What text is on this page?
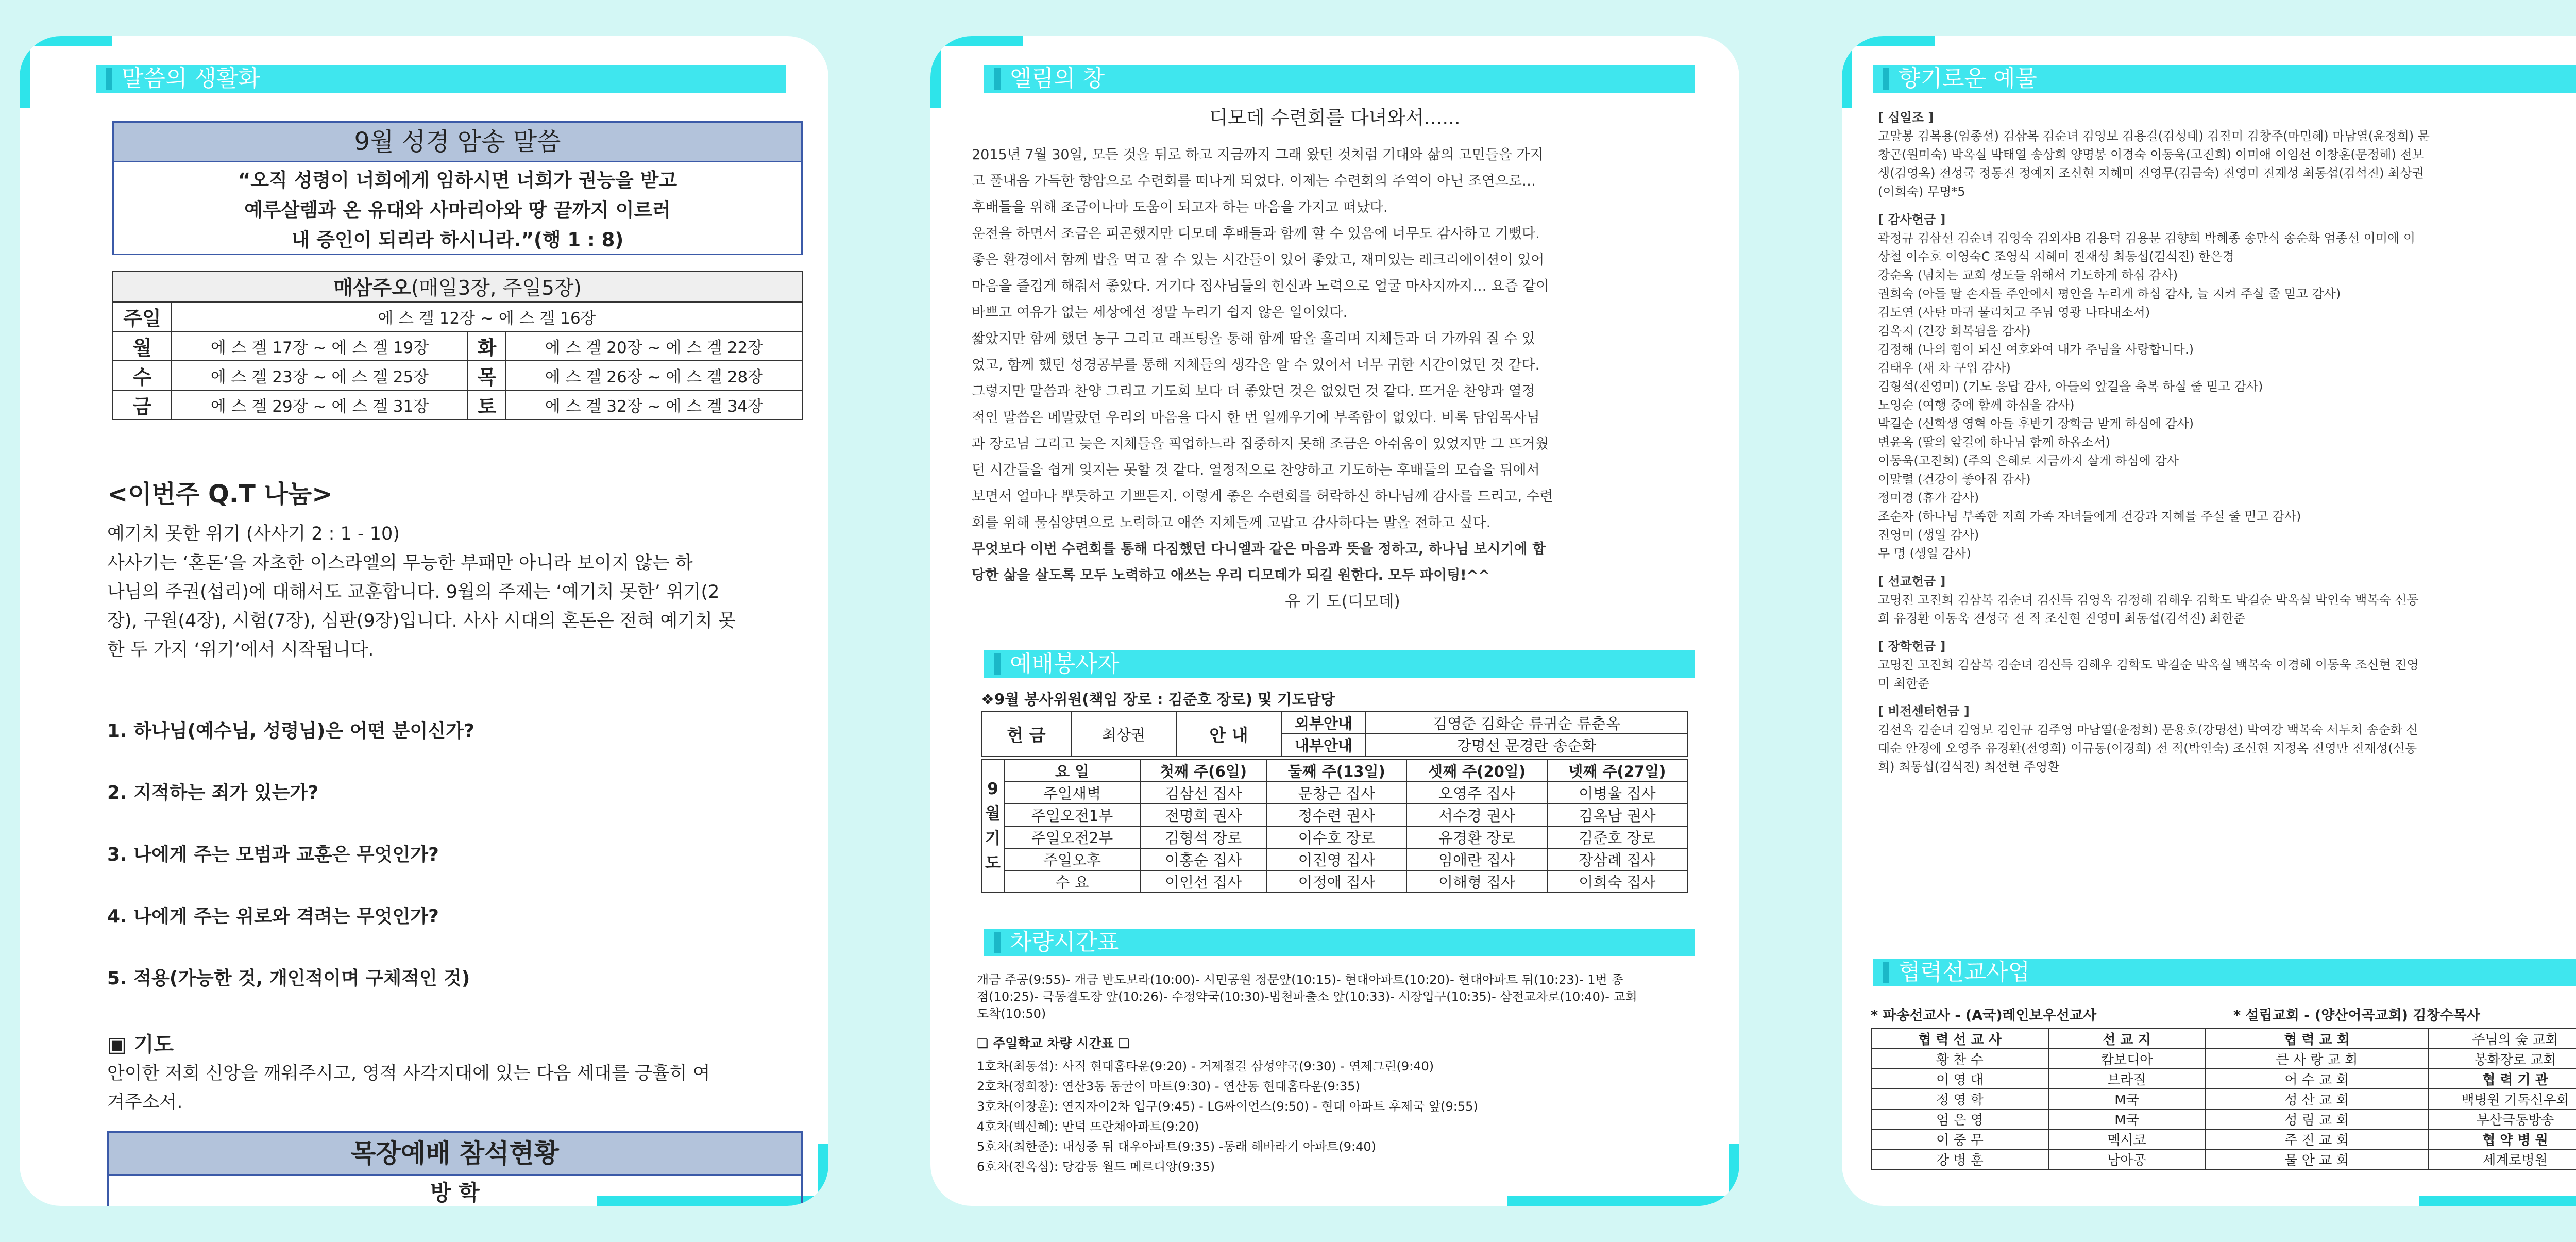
말씀의 생활화
9월 성경 암송 말씀
“오직 성령이 너희에게 임하시면 너희가 권능을 받고
예루살렘과 온 유대와 사마리아와 땅 끝까지 이르러
내 증인이 되리라 하시니라.”(행 1 : 8)
매삼주오(매일3장, 주일5장)			
주일	에 스 겔 12장 ~ 에 스 겔 16장		
월	에 스 겔 17장 ~ 에 스 겔 19장	화	에 스 겔 20장 ~ 에 스 겔 22장
수	에 스 겔 23장 ~ 에 스 겔 25장	목	에 스 겔 26장 ~ 에 스 겔 28장
금	에 스 겔 29장 ~ 에 스 겔 31장	토	에 스 겔 32장 ~ 에 스 겔 34장
<이번주 Q.T 나눔>
예기치 못한 위기 (사사기 2 : 1 - 10)
사사기는 ‘혼돈’을 자초한 이스라엘의 무능한 부패만 아니라 보이지 않는 하
나님의 주권(섭리)에 대해서도 교훈합니다. 9월의 주제는 ‘예기치 못한’ 위기(2
장), 구원(4장), 시험(7장), 심판(9장)입니다. 사사 시대의 혼돈은 전혀 예기치 못
한 두 가지 ‘위기’에서 시작됩니다.
1. 하나님(예수님, 성령님)은 어떤 분이신가?
2. 지적하는 죄가 있는가?
3. 나에게 주는 모범과 교훈은 무엇인가?
4. 나에게 주는 위로와 격려는 무엇인가?
5. 적용(가능한 것, 개인적이며 구체적인 것)
▣ 기도
안이한 저희 신앙을 깨워주시고, 영적 사각지대에 있는 다음 세대를 긍휼히 여
겨주소서.
목장예배 참석현황
방 학
엘림의 창
디모데 수련회를 다녀와서......
2015년 7월 30일, 모든 것을 뒤로 하고 지금까지 그래 왔던 것처럼 기대와 삶의 고민들을 가지
고 풀내음 가득한 향암으로 수련회를 떠나게 되었다. 이제는 수련회의 주역이 아닌 조연으로…
후배들을 위해 조금이나마 도움이 되고자 하는 마음을 가지고 떠났다.
운전을 하면서 조금은 피곤했지만 디모데 후배들과 함께 할 수 있음에 너무도 감사하고 기뻤다.
좋은 환경에서 함께 밥을 먹고 잘 수 있는 시간들이 있어 좋았고, 재미있는 레크리에이션이 있어
마음을 즐겁게 해줘서 좋았다. 거기다 집사님들의 헌신과 노력으로 얼굴 마사지까지… 요즘 같이
바쁘고 여유가 없는 세상에선 정말 누리기 쉽지 않은 일이었다.
짧았지만 함께 했던 농구 그리고 래프팅을 통해 함께 땀을 흘리며 지체들과 더 가까워 질 수 있
었고, 함께 했던 성경공부를 통해 지체들의 생각을 알 수 있어서 너무 귀한 시간이었던 것 같다.
그렇지만 말씀과 찬양 그리고 기도회 보다 더 좋았던 것은 없었던 것 같다. 뜨거운 찬양과 열정
적인 말씀은 메말랐던 우리의 마음을 다시 한 번 일깨우기에 부족함이 없었다. 비록 담임목사님
과 장로님 그리고 늦은 지체들을 픽업하느라 집중하지 못해 조금은 아쉬움이 있었지만 그 뜨거웠
던 시간들을 쉽게 잊지는 못할 것 같다. 열정적으로 찬양하고 기도하는 후배들의 모습을 뒤에서
보면서 얼마나 뿌듯하고 기쁘든지. 이렇게 좋은 수련회를 허락하신 하나님께 감사를 드리고, 수련
회를 위해 물심양면으로 노력하고 애쓴 지체들께 고맙고 감사하다는 말을 전하고 싶다.
무엇보다 이번 수련회를 통해 다짐했던 다니엘과 같은 마음과 뜻을 정하고, 하나님 보시기에 합
당한 삶을 살도록 모두 노력하고 애쓰는 우리 디모데가 되길 원한다. 모두 파이팅!^^
유 기 도(디모데)
예배봉사자
❖9월 봉사위원(책임 장로 : 김준호 장로) 및 기도담당
헌 금	최상권	안 내	외부안내	김영준 김화순 류귀순 류춘옥
			내부안내	강명선 문경란 송순화
9
월
기
도	요 일	첫째 주(6일)	둘째 주(13일)	셋째 주(20일)	넷째 주(27일)
	주일새벽	김삼선 집사	문창근 집사	오영주 집사	이병율 집사
	주일오전1부	전명희 권사	정수련 권사	서수경 권사	김옥남 권사
	주일오전2부	김형석 장로	이수호 장로	유경환 장로	김준호 장로
	주일오후	이홍순 집사	이진영 집사	임애란 집사	장삼례 집사
	수 요	이인선 집사	이정애 집사	이해형 집사	이희숙 집사
차량시간표
개금 주공(9:55)- 개금 반도보라(10:00)- 시민공원 정문앞(10:15)- 현대아파트(10:20)- 현대아파트 뒤(10:23)- 1번 종
점(10:25)- 극동결도장 앞(10:26)- 수정약국(10:30)-범천파출소 앞(10:33)- 시장입구(10:35)- 삼전교차로(10:40)- 교회
도착(10:50)
❏ 주일학교 차량 시간표 ❏
1호차(최동섭): 사직 현대홈타운(9:20) - 거제절길 삼성약국(9:30) - 연제그린(9:40)
2호차(정희창): 연산3동 동굴이 마트(9:30) - 연산동 현대홈타운(9:35)
3호차(이창훈): 연지자이2차 입구(9:45) - LG싸이언스(9:50) - 현대 아파트 후제국 앞(9:55)
4호차(백신혜): 만덕 뜨란채아파트(9:20)
5호차(최한준): 내성중 뒤 대우아파트(9:35) -동래 해바라기 아파트(9:40)
6호차(진옥심): 당감동 월드 메르디앙(9:35)
향기로운 예물
[ 십일조 ]
고말봉 김복용(엄종선) 김삼복 김순녀 김영보 김용길(김성태) 김진미 김창주(마민혜) 마남열(윤정희) 문
창곤(원미숙) 박옥실 박태열 송상희 양명봉 이경숙 이동욱(고진희) 이미애 이임선 이창훈(문정해) 전보
생(김영옥) 전성국 정동진 정예지 조신현 지혜미 진영무(김금숙) 진영미 진재성 최동섭(김석진) 최상권
(이희숙) 무명*5
[ 감사헌금 ]
곽정규 김삼선 김순녀 김영숙 김외자B 김용덕 김용분 김향희 박혜종 송만식 송순화 엄종선 이미애 이
상철 이수호 이영숙C 조영식 지혜미 진재성 최동섭(김석진) 한은경
강순옥 (넘치는 교회 성도들 위해서 기도하게 하심 감사)
권희숙 (아들 딸 손자들 주안에서 평안을 누리게 하심 감사, 늘 지켜 주실 줄 믿고 감사)
김도연 (사탄 마귀 물리치고 주님 영광 나타내소서)
김옥지 (건강 회복됨을 감사)
김정해 (나의 힘이 되신 여호와여 내가 주님을 사랑합니다.)
김태우 (새 차 구입 감사)
김형석(진영미) (기도 응답 감사, 아들의 앞길을 축복 하실 줄 믿고 감사)
노영순 (여행 중에 함께 하심을 감사)
박길순 (신학생 영혁 아들 후반기 장학금 받게 하심에 감사)
변윤옥 (딸의 앞길에 하나님 함께 하옵소서)
이동욱(고진희) (주의 은혜로 지금까지 살게 하심에 감사
이말렬 (건강이 좋아짐 감사)
정미경 (휴가 감사)
조순자 (하나님 부족한 저희 가족 자녀들에게 건강과 지혜를 주실 줄 믿고 감사)
진영미 (생일 감사)
무 명 (생일 감사)
[ 선교헌금 ]
고명진 고진희 김삼복 김순녀 김신득 김영옥 김정해 김해우 김학도 박길순 박옥실 박인숙 백복숙 신동
희 유경환 이동욱 전성국 전 적 조신현 진영미 최동섭(김석진) 최한준
[ 장학헌금 ]
고명진 고진희 김삼복 김순녀 김신득 김해우 김학도 박길순 박옥실 백복숙 이경해 이동욱 조신현 진영
미 최한준
[ 비전센터헌금 ]
김선옥 김순녀 김영보 김인규 김주영 마남열(윤정희) 문용호(강명선) 박여강 백복숙 서두치 송순화 신
대순 안경애 오영주 유경환(전영희) 이규동(이경희) 전 적(박인숙) 조신현 지정옥 진영만 진재성(신동
희) 최동섭(김석진) 최선현 주영환
협력선교사업
* 파송선교사 - (A국)레인보우선교사	* 설립교회 - (양산어곡교회) 김창수목사
협 력 선 교 사	선 교 지	협 력 교 회	주님의 숲 교회
황 찬 수	캄보디아	큰 사 랑 교 회	봉화장로 교회
이 영 대	브라질	어 수 교 회	협 력 기 관
정 영 학	M국	성 산 교 회	백병원 기독신우회
엄 은 영	M국	성 림 교 회	부산극동방송
이 중 무	멕시코	주 진 교 회	협 약 병 원
강 병 훈	남아공	물 안 교 회	세계로병원
